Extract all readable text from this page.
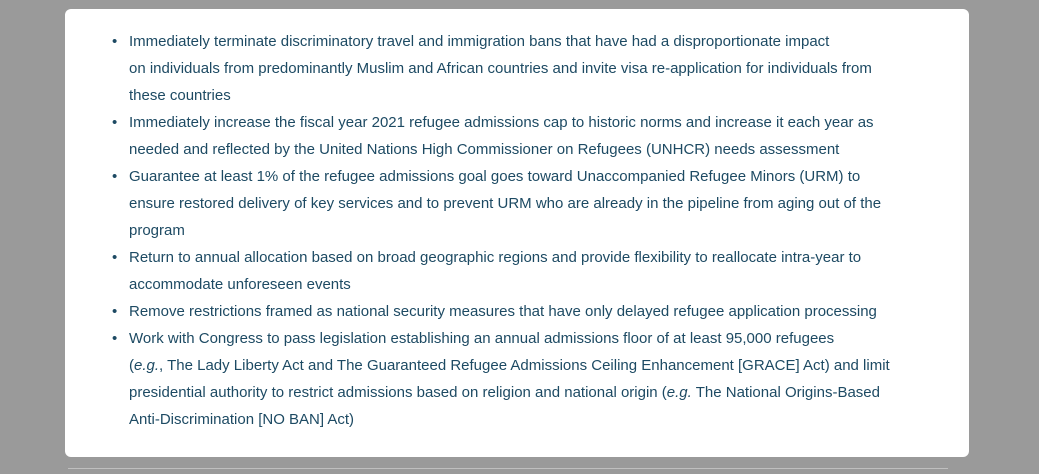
• Immediately terminate discriminatory travel and immigration bans that have had a disproportionate impact
on individuals from predominantly Muslim and African countries and invite visa re-application for individuals from
these countries
• Immediately increase the fiscal year 2021 refugee admissions cap to historic norms and increase it each year as
needed and reflected by the United Nations High Commissioner on Refugees (UNHCR) needs assessment
• Guarantee at least 1% of the refugee admissions goal goes toward Unaccompanied Refugee Minors (URM) to
ensure restored delivery of key services and to prevent URM who are already in the pipeline from aging out of the
program
• Return to annual allocation based on broad geographic regions and provide flexibility to reallocate intra-year to
accommodate unforeseen events
• Remove restrictions framed as national security measures that have only delayed refugee application processing
• Work with Congress to pass legislation establishing an annual admissions floor of at least 95,000 refugees
(e.g., The Lady Liberty Act and The Guaranteed Refugee Admissions Ceiling Enhancement [GRACE] Act) and limit
presidential authority to restrict admissions based on religion and national origin (e.g. The National Origins-Based
Anti-Discrimination [NO BAN] Act)
